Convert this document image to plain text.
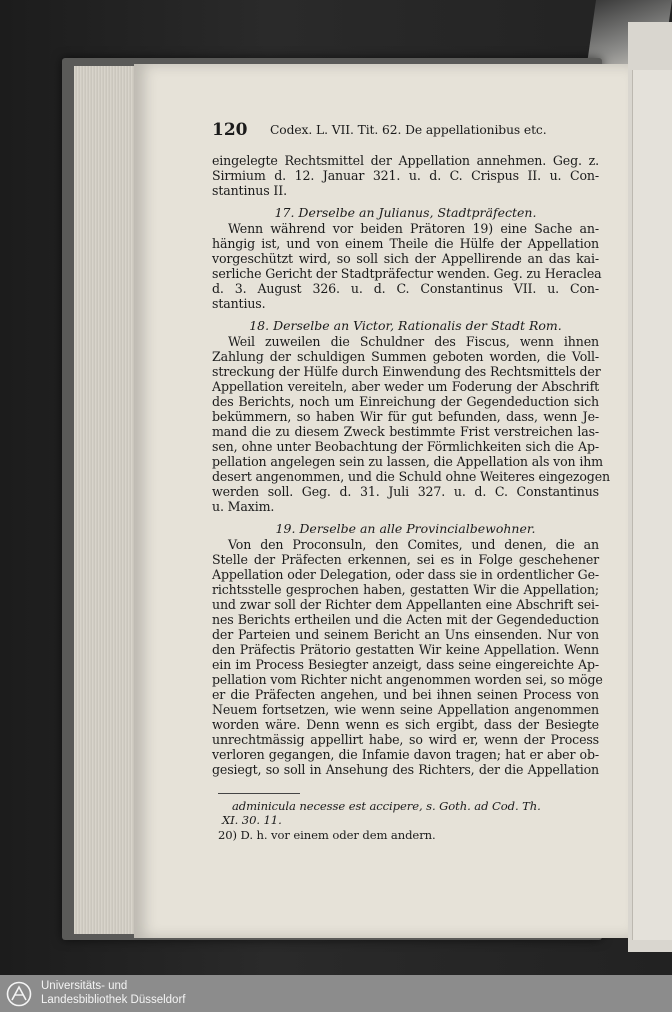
120 Codex. L. VII. Tit. 62. De appellationibus etc.
eingelegte Rechtsmittel der Appellation annehmen. Geg. z.
Sirmium d. 12. Januar 321. u. d. C. Crispus II. u. Con-
stantinus II.
17. Derselbe an Julianus, Stadtpräfecten.
Wenn während vor beiden Prätoren 19) eine Sache an-
hängig ist, und von einem Theile die Hülfe der Appellation
vorgeschützt wird, so soll sich der Appellirende an das kai-
serliche Gericht der Stadtpräfectur wenden. Geg. zu Heraclea
d. 3. August 326. u. d. C. Constantinus VII. u. Con-
stantius.
18. Derselbe an Victor, Rationalis der Stadt Rom.
Weil zuweilen die Schuldner des Fiscus, wenn ihnen
Zahlung der schuldigen Summen geboten worden, die Voll-
streckung der Hülfe durch Einwendung des Rechtsmittels der
Appellation vereiteln, aber weder um Foderung der Abschrift
des Berichts, noch um Einreichung der Gegendeduction sich
bekümmern, so haben Wir für gut befunden, dass, wenn Je-
mand die zu diesem Zweck bestimmte Frist verstreichen las-
sen, ohne unter Beobachtung der Förmlichkeiten sich die Ap-
pellation angelegen sein zu lassen, die Appellation als von ihm
desert angenommen, und die Schuld ohne Weiteres eingezogen
werden soll. Geg. d. 31. Juli 327. u. d. C. Constantinus
u. Maxim.
19. Derselbe an alle Provincialbewohner.
Von den Proconsuln, den Comites, und denen, die an
Stelle der Präfecten erkennen, sei es in Folge geschehener
Appellation oder Delegation, oder dass sie in ordentlicher Ge-
richtsstelle gesprochen haben, gestatten Wir die Appellation;
und zwar soll der Richter dem Appellanten eine Abschrift sei-
nes Berichts ertheilen und die Acten mit der Gegendeduction
der Parteien und seinem Bericht an Uns einsenden. Nur von
den Präfectis Prätorio gestatten Wir keine Appellation. Wenn
ein im Process Besiegter anzeigt, dass seine eingereichte Ap-
pellation vom Richter nicht angenommen worden sei, so möge
er die Präfecten angehen, und bei ihnen seinen Process von
Neuem fortsetzen, wie wenn seine Appellation angenommen
worden wäre. Denn wenn es sich ergibt, dass der Besiegte
unrechtmässig appellirt habe, so wird er, wenn der Process
verloren gegangen, die Infamie davon tragen; hat er aber ob-
gesiegt, so soll in Ansehung des Richters, der die Appellation
adminicula necesse est accipere, s. Goth. ad Cod. Th.
XI. 30. 11.
20) D. h. vor einem oder dem andern.
Universitäts- und
Landesbibliothek Düsseldorf
